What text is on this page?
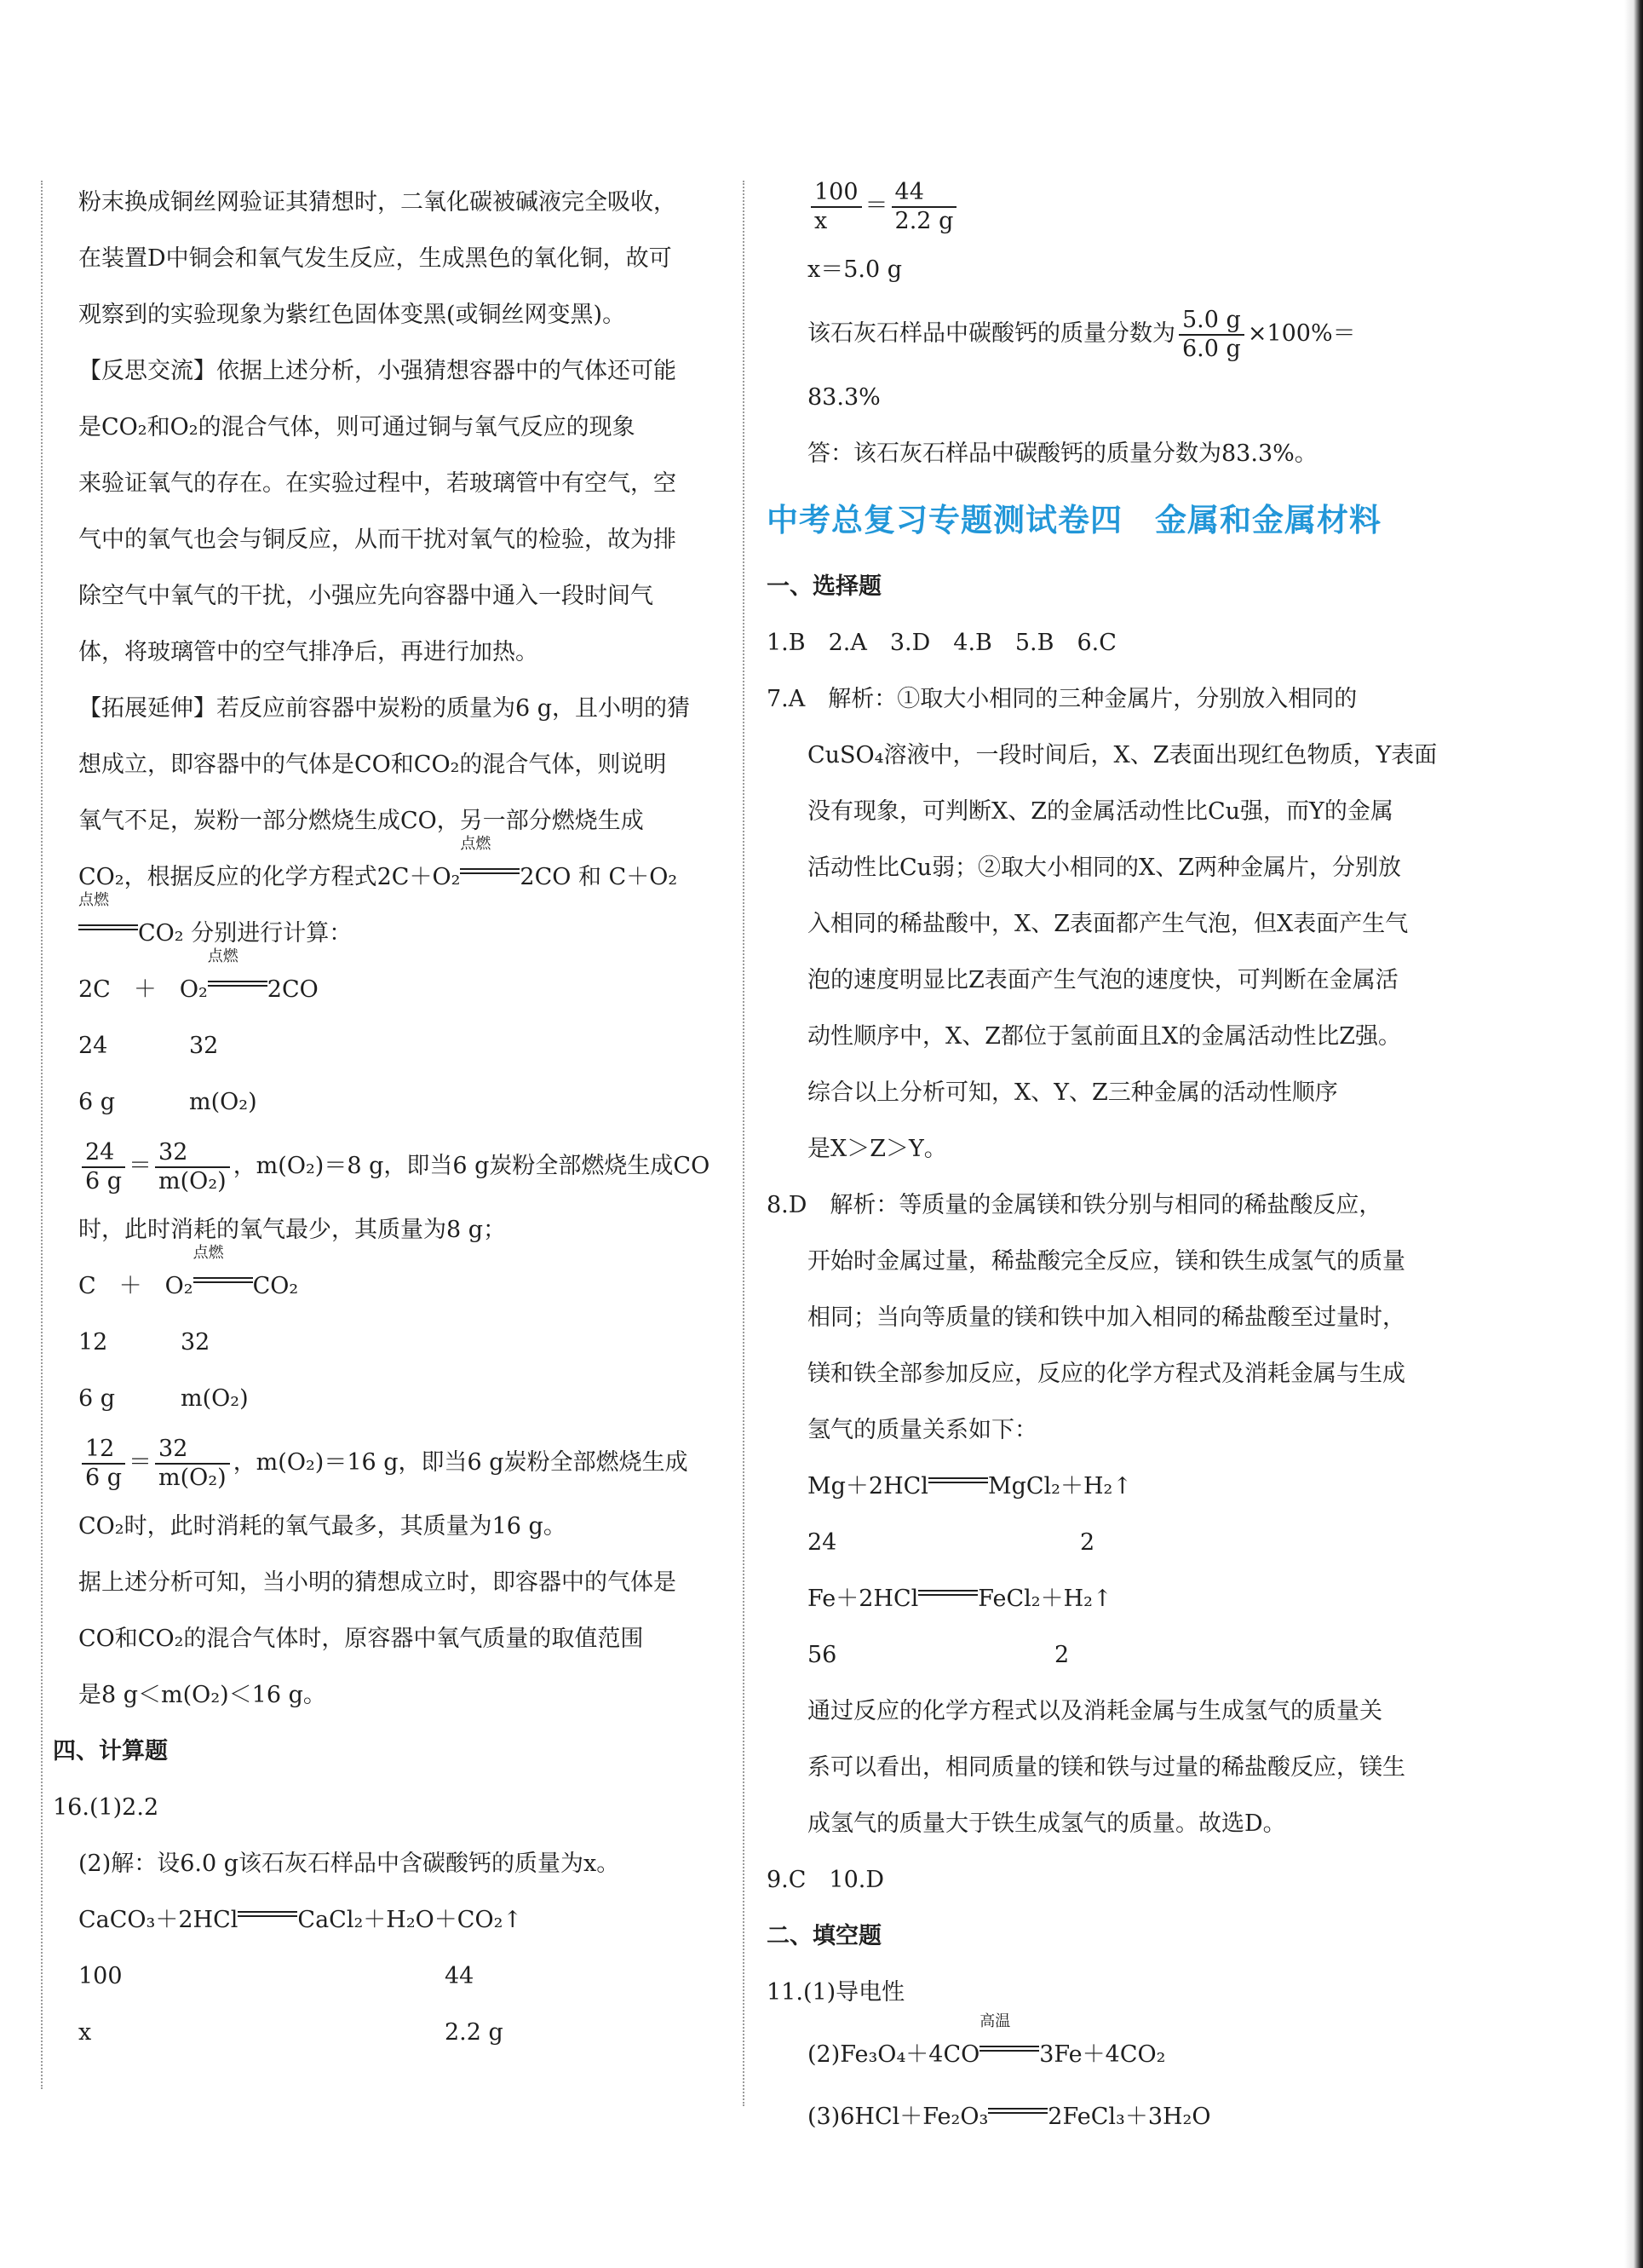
粉末换成铜丝网验证其猜想时，二氧化碳被碱液完全吸收，

在装置D中铜会和氧气发生反应，生成黑色的氧化铜，故可

观察到的实验现象为紫红色固体变黑(或铜丝网变黑)。

【反思交流】依据上述分析，小强猜想容器中的气体还可能

是CO₂和O₂的混合气体，则可通过铜与氧气反应的现象

来验证氧气的存在。在实验过程中，若玻璃管中有空气，空

气中的氧气也会与铜反应，从而干扰对氧气的检验，故为排

除空气中氧气的干扰，小强应先向容器中通入一段时间气

体，将玻璃管中的空气排净后，再进行加热。

【拓展延伸】若反应前容器中炭粉的质量为6 g，且小明的猜

想成立，即容器中的气体是CO和CO₂的混合气体，则说明

氧气不足，炭粉一部分燃烧生成CO，另一部分燃烧生成

CO₂，根据反应的化学方程式2C＋O₂
点燃
2CO 和 C＋O₂

点燃
CO₂ 分别进行计算：

2C　＋　O₂
点燃
2CO

24	32
6 g	m(O₂)

$\frac{24}{6 g} = \frac{32}{\text{m(O₂)}}$ ，m(O₂)＝8 g，即当6 g炭粉全部燃烧生成CO

时，此时消耗的氧气最少，其质量为8 g；

C　＋　O₂
点燃
CO₂

12	32
6 g	m(O₂)

$\frac{12}{6 g} = \frac{32}{\text{m(O₂)}}$ ，m(O₂)＝16 g，即当6 g炭粉全部燃烧生成

CO₂时，此时消耗的氧气最多，其质量为16 g。

据上述分析可知，当小明的猜想成立时，即容器中的气体是

CO和CO₂的混合气体时，原容器中氧气质量的取值范围

是8 g＜m(O₂)＜16 g。

四、计算题

16.(1)2.2

(2)解：设6.0 g该石灰石样品中含碳酸钙的质量为x。

CaCO₃＋2HCl	CaCl₂＋H₂O＋CO₂↑

100	44
x	2.2 g

$\frac{100}{x} = \frac{44}{2.2 g}$

x＝5.0 g

该石灰石样品中碳酸钙的质量分数为 $\frac{5.0 g}{6.0 g} \times 100\%=$

83.3%

答：该石灰石样品中碳酸钙的质量分数为83.3%。

中考总复习专题测试卷四　金属和金属材料

一、选择题

1.B　2.A　3.D　4.B　5.B　6.C

7.A　解析：①取大小相同的三种金属片，分别放入相同的

CuSO₄溶液中，一段时间后，X、Z表面出现红色物质，Y表面

没有现象，可判断X、Z的金属活动性比Cu强，而Y的金属

活动性比Cu弱；②取大小相同的X、Z两种金属片，分别放

入相同的稀盐酸中，X、Z表面都产生气泡，但X表面产生气

泡的速度明显比Z表面产生气泡的速度快，可判断在金属活

动性顺序中，X、Z都位于氢前面且X的金属活动性比Z强。

综合以上分析可知，X、Y、Z三种金属的活动性顺序

是X＞Z＞Y。

8.D　解析：等质量的金属镁和铁分别与相同的稀盐酸反应，

开始时金属过量，稀盐酸完全反应，镁和铁生成氢气的质量

相同；当向等质量的镁和铁中加入相同的稀盐酸至过量时，

镁和铁全部参加反应，反应的化学方程式及消耗金属与生成

氢气的质量关系如下：

Mg＋2HCl	MgCl₂＋H₂↑

24	2

Fe＋2HCl	FeCl₂＋H₂↑

56	2

通过反应的化学方程式以及消耗金属与生成氢气的质量关

系可以看出，相同质量的镁和铁与过量的稀盐酸反应，镁生

成氢气的质量大于铁生成氢气的质量。故选D。

9.C　10.D

二、填空题

11.(1)导电性

(2)Fe₃O₄＋4CO
高温
3Fe＋4CO₂

(3)6HCl＋Fe₂O₃	2FeCl₃＋3H₂O
